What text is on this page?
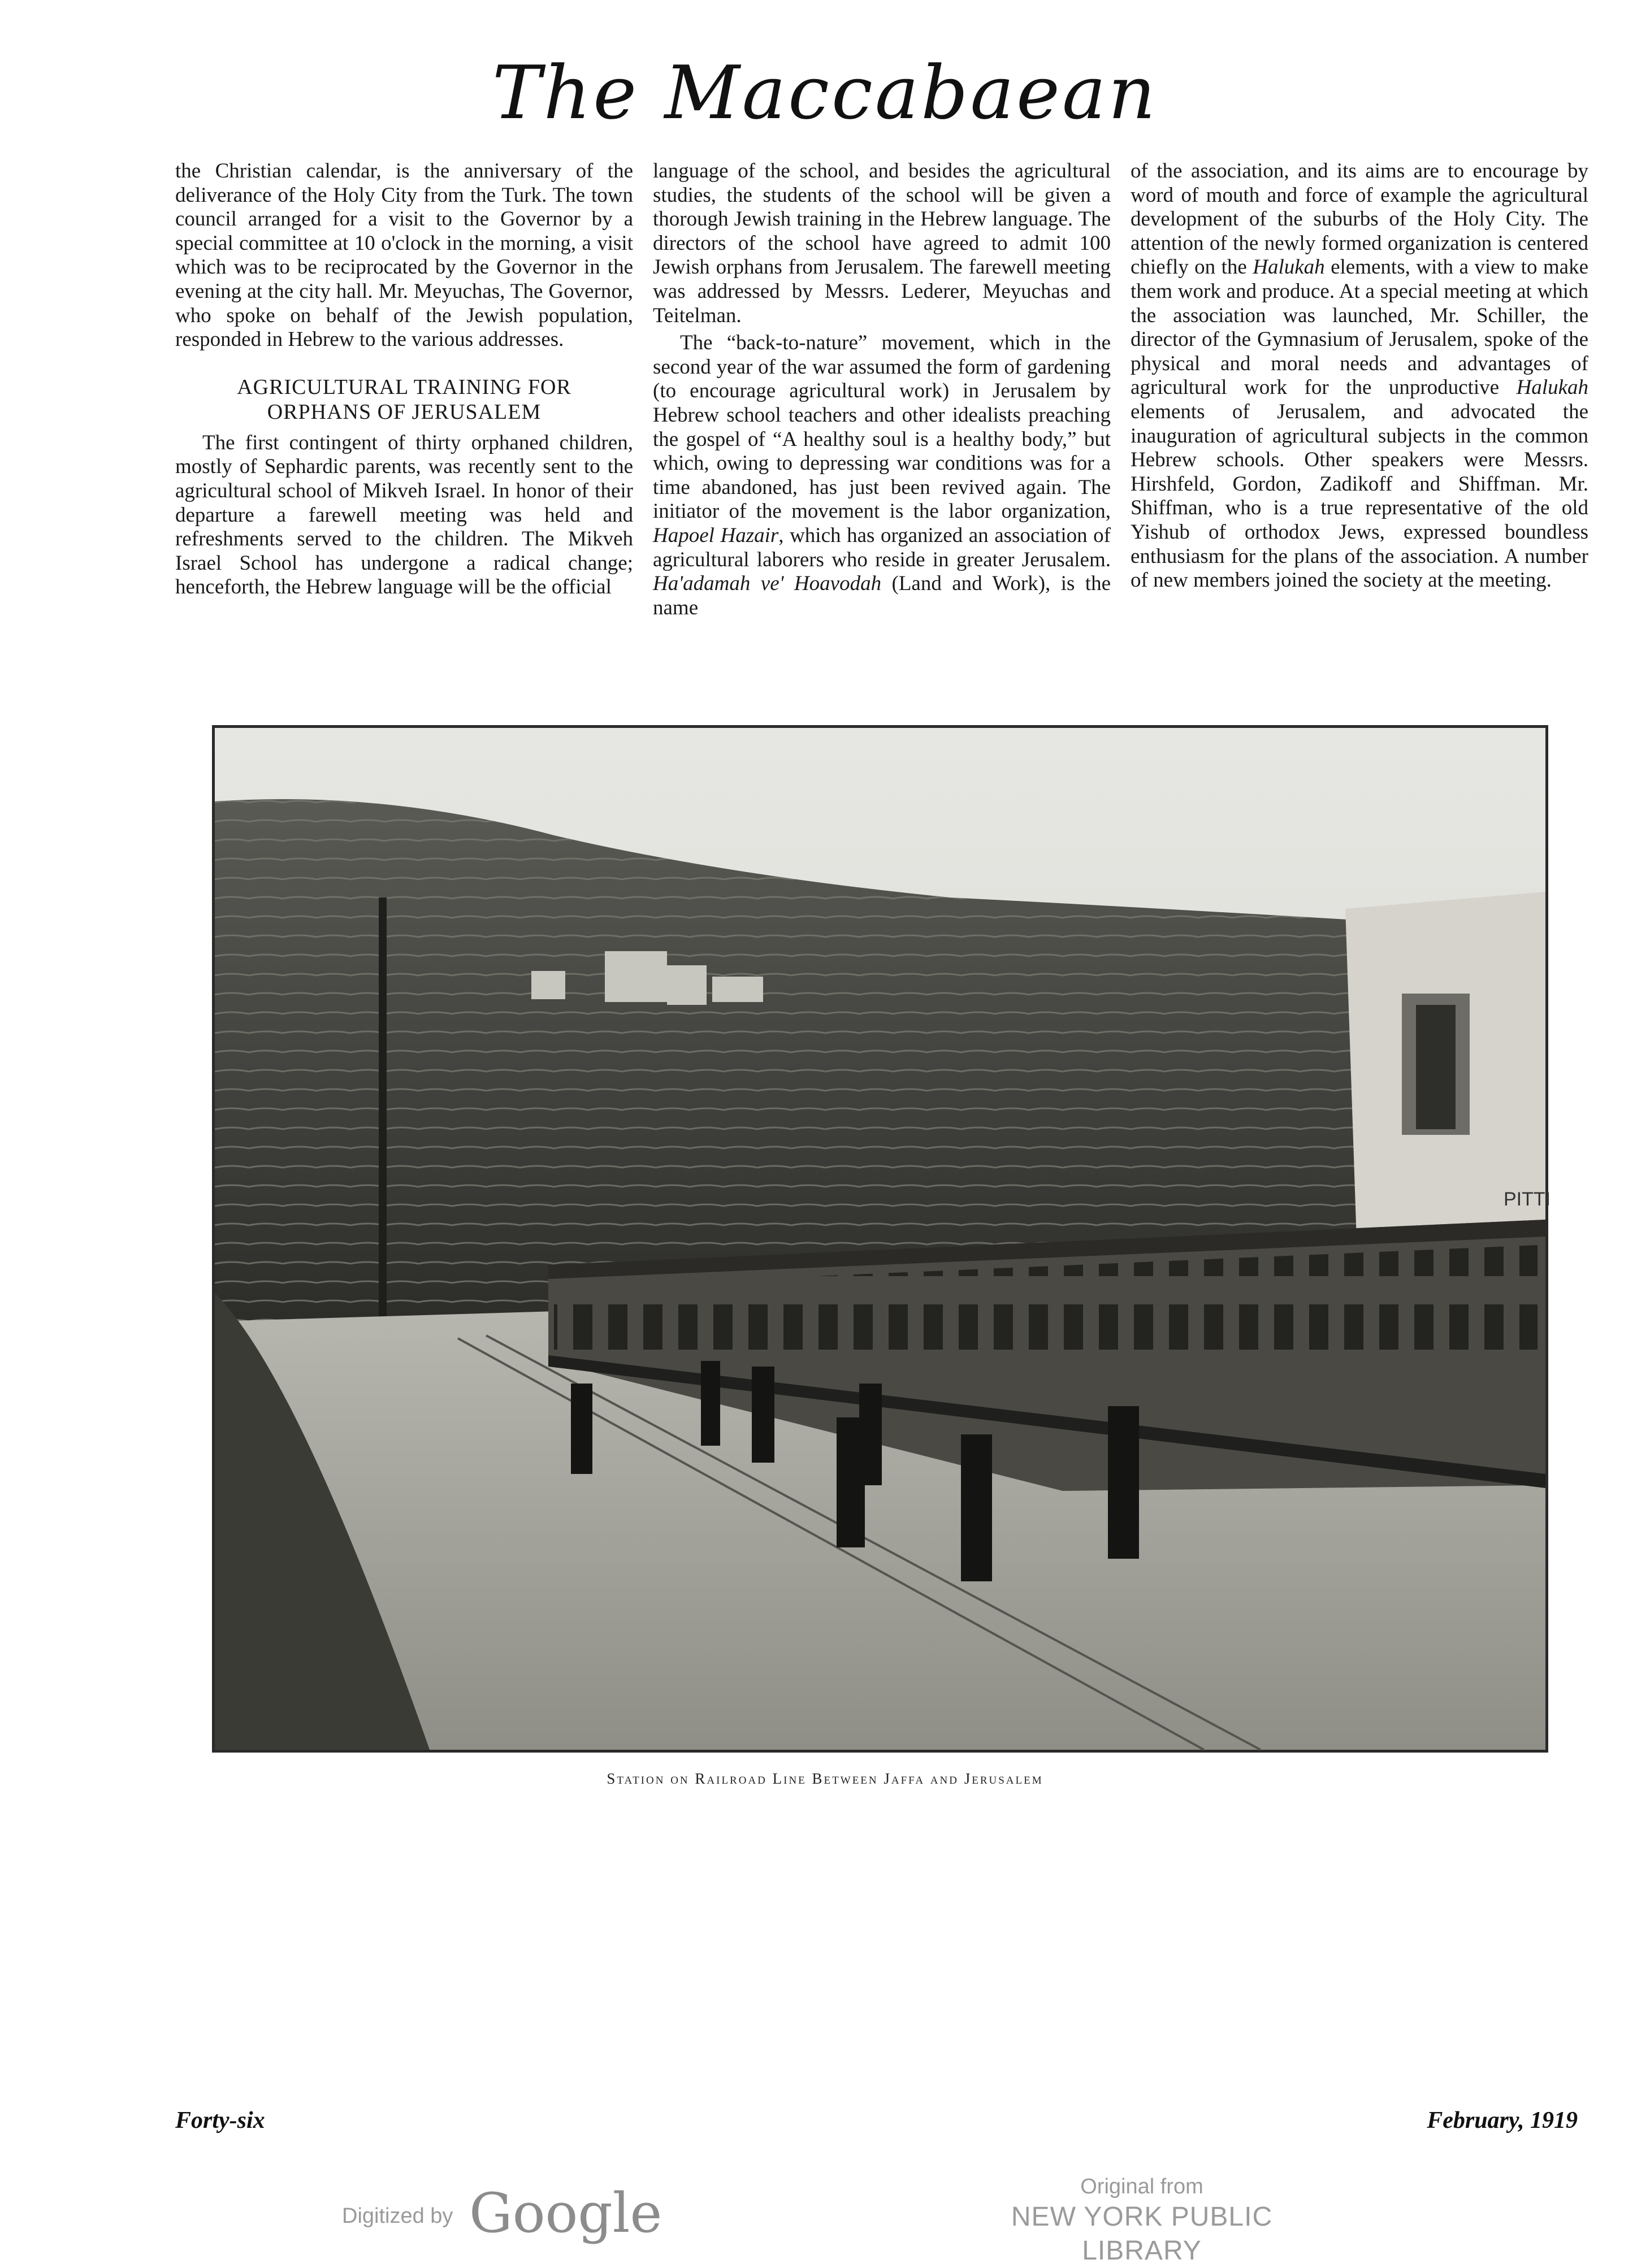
The Maccabaean

the Christian calendar, is the anniversary of the deliverance of the Holy City from the Turk. The town council arranged for a visit to the Governor by a special committee at 10 o'clock in the morning, a visit which was to be reciprocated by the Governor in the evening at the city hall. Mr. Meyuchas, The Governor, who spoke on behalf of the Jewish population, responded in Hebrew to the various addresses.

AGRICULTURAL TRAINING FOR
ORPHANS OF JERUSALEM

The first contingent of thirty orphaned children, mostly of Sephardic parents, was recently sent to the agricultural school of Mikveh Israel. In honor of their departure a farewell meeting was held and refreshments served to the children. The Mikveh Israel School has undergone a radical change; henceforth, the Hebrew language will be the official

language of the school, and besides the agricultural studies, the students of the school will be given a thorough Jewish training in the Hebrew language. The directors of the school have agreed to admit 100 Jewish orphans from Jerusalem. The farewell meeting was addressed by Messrs. Lederer, Meyuchas and Teitelman.

The “back-to-nature” movement, which in the second year of the war assumed the form of gardening (to encourage agricultural work) in Jerusalem by Hebrew school teachers and other idealists preaching the gospel of “A healthy soul is a healthy body,” but which, owing to depressing war conditions was for a time abandoned, has just been revived again. The initiator of the movement is the labor organization, Hapoel Hazair, which has organized an association of agricultural laborers who reside in greater Jerusalem. Ha'adamah ve' Hoavodah (Land and Work), is the name

of the association, and its aims are to encourage by word of mouth and force of example the agricultural development of the suburbs of the Holy City. The attention of the newly formed organization is centered chiefly on the Halukah elements, with a view to make them work and produce. At a special meeting at which the association was launched, Mr. Schiller, the director of the Gymnasium of Jerusalem, spoke of the physical and moral needs and advantages of agricultural work for the unproductive Halukah elements of Jerusalem, and advocated the inauguration of agricultural subjects in the common Hebrew schools. Other speakers were Messrs. Hirshfeld, Gordon, Zadikoff and Shiffman. Mr. Shiffman, who is a true representative of the old Yishub of orthodox Jews, expressed boundless enthusiasm for the plans of the association. A number of new members joined the society at the meeting.

PITTI
Station on Railroad Line Between Jaffa and Jerusalem
Forty-six	February, 1919
Digitized by Google	Original from
NEW YORK PUBLIC LIBRARY
